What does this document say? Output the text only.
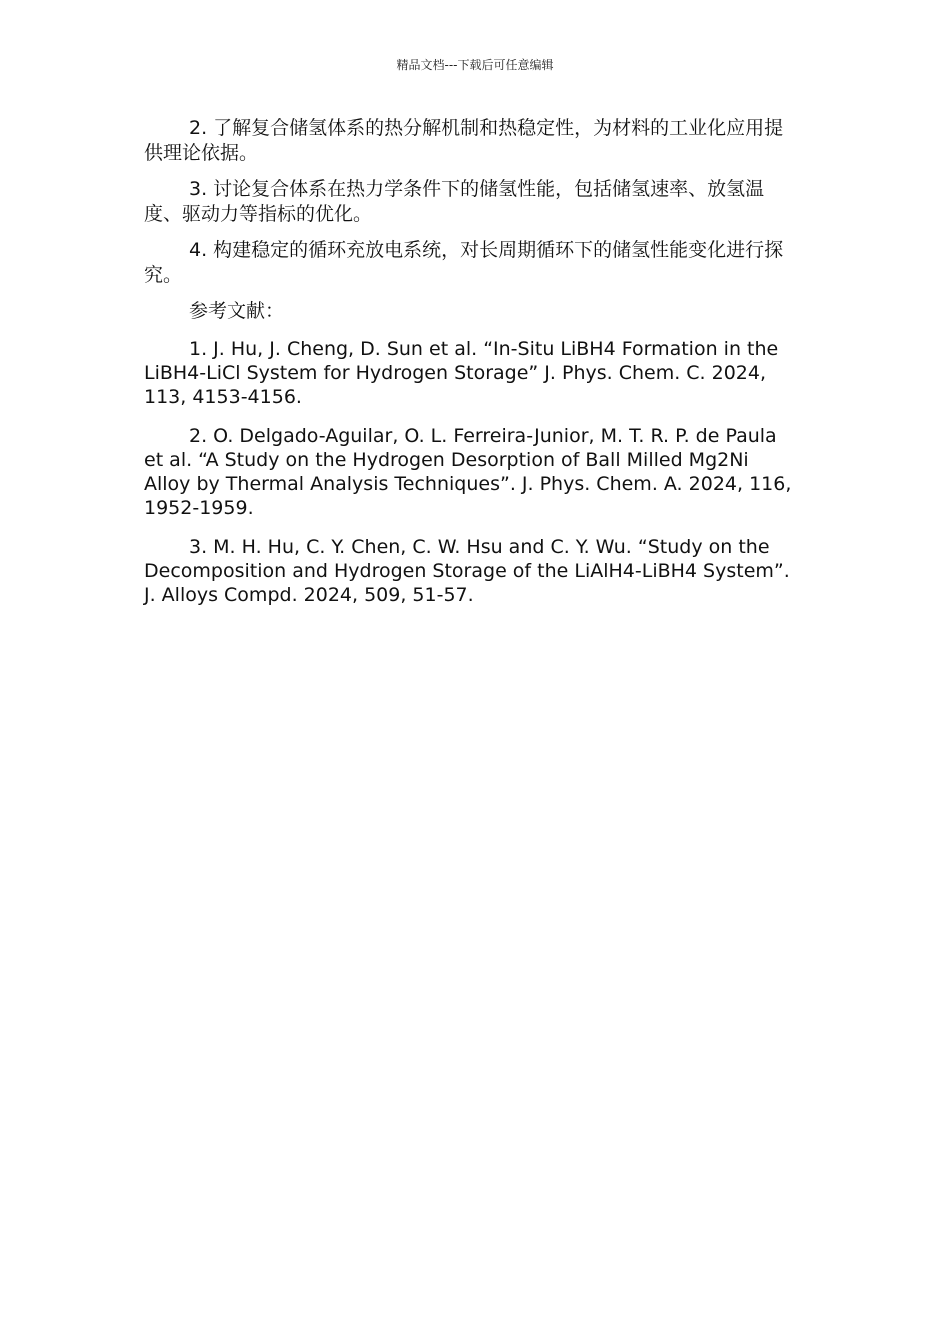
精品文档---下载后可任意编辑

2. 了解复合储氢体系的热分解机制和热稳定性，为材料的工业化应用提供理论依据。

3. 讨论复合体系在热力学条件下的储氢性能，包括储氢速率、放氢温度、驱动力等指标的优化。

4. 构建稳定的循环充放电系统，对长周期循环下的储氢性能变化进行探究。

参考文献：

1. J. Hu, J. Cheng, D. Sun et al. “In-Situ LiBH4 Formation in the LiBH4-LiCl System for Hydrogen Storage” J. Phys. Chem. C. 2024, 113, 4153-4156.

2. O. Delgado-Aguilar, O. L. Ferreira-Junior, M. T. R. P. de Paula et al. “A Study on the Hydrogen Desorption of Ball Milled Mg2Ni Alloy by Thermal Analysis Techniques”. J. Phys. Chem. A. 2024, 116, 1952-1959.

3. M. H. Hu, C. Y. Chen, C. W. Hsu and C. Y. Wu. “Study on the Decomposition and Hydrogen Storage of the LiAlH4-LiBH4 System”. J. Alloys Compd. 2024, 509, 51-57.
